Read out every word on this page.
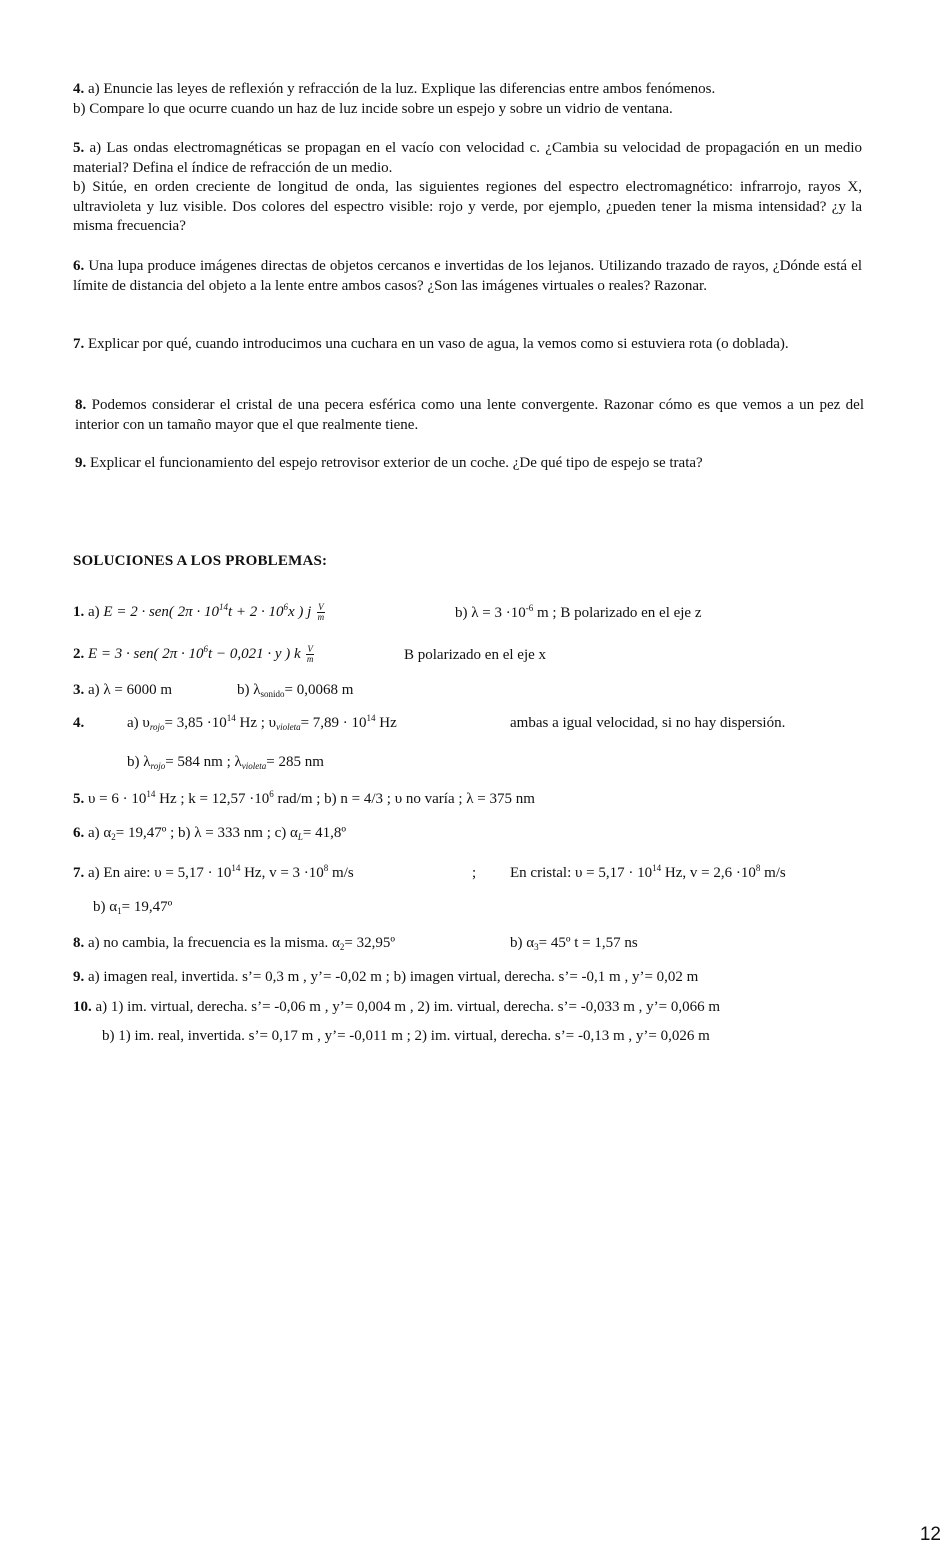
4. a) Enuncie las leyes de reflexión y refracción de la luz. Explique las diferencias entre ambos fenómenos.
b) Compare lo que ocurre cuando un haz de luz incide sobre un espejo y sobre un vidrio de ventana.

5. a) Las ondas electromagnéticas se propagan en el vacío con velocidad c. ¿Cambia su velocidad de propagación en un medio material? Defina el índice de refracción de un medio.
b) Sitúe, en orden creciente de longitud de onda, las siguientes regiones del espectro electromagnético: infrarrojo, rayos X, ultravioleta y luz visible. Dos colores del espectro visible: rojo y verde, por ejemplo, ¿pueden tener la misma intensidad? ¿y la misma frecuencia?

6. Una lupa produce imágenes directas de objetos cercanos e invertidas de los lejanos. Utilizando trazado de rayos, ¿Dónde está el límite de distancia del objeto a la lente entre ambos casos? ¿Son las imágenes virtuales o reales? Razonar.

7. Explicar por qué, cuando introducimos una cuchara en un vaso de agua, la vemos como si estuviera rota (o doblada).

8. Podemos considerar el cristal de una pecera esférica como una lente convergente. Razonar cómo es que vemos a un pez del interior con un tamaño mayor que el que realmente tiene.

9. Explicar el funcionamiento del espejo retrovisor exterior de un coche. ¿De qué tipo de espejo se trata?

SOLUCIONES A LOS PROBLEMAS:
1. a) E = 2 · sen( $2\pi \cdot 10^{14}t + 2 \cdot 10^6x$ ) j $\frac{V}{m}$	b) $\lambda = 3 \cdot 10^{-6}$ m ; B polarizado en el eje z
2. E = 3 · sen( $2\pi \cdot 10^6t - 0,021 \cdot y$ ) k $\frac{V}{m}$	B polarizado en el eje x
3. a) λ = 6000 m	b) $\lambda_{sonido}= 0,0068$ m
4.	a) $\upsilon_{rojo}= 3,85 \cdot 10^{14}$ Hz ; $\upsilon_{violeta}= 7,89 \cdot 10^{14}$ Hz	ambas a igual velocidad, si no hay dispersión.
b) $\lambda_{rojo}= 584$ nm ; $\lambda_{violeta}= 285$ nm
5. $\upsilon = 6 \cdot 10^{14}$ Hz ; $k = 12,57 \cdot 10^6$ rad/m ; b) n = 4/3 ; υ no varía ; λ = 375 nm
6. a) $\alpha_2=$ 19,47º ; b) λ = 333 nm ; c) $\alpha_L=$ 41,8º
7. a) En aire: $\upsilon = 5,17 \cdot 10^{14}$ Hz, $v = 3 \cdot 10^8$ m/s	; En cristal: $\upsilon = 5,17 \cdot 10^{14}$ Hz, $v = 2,6 \cdot 10^8$ m/s
b) $\alpha_1=$ 19,47º
8. a) no cambia, la frecuencia es la misma. $\alpha_2=$ 32,95º	b) $\alpha_3=$ 45º t = 1,57 ns
9. a) imagen real, invertida. s’= 0,3 m , y’= -0,02 m ; b) imagen virtual, derecha. s’= -0,1 m , y’= 0,02 m
10. a) 1) im. virtual, derecha. s’= -0,06 m , y’= 0,004 m , 2) im. virtual, derecha. s’= -0,033 m , y’= 0,066 m
b) 1) im. real, invertida. s’= 0,17 m , y’= -0,011 m ; 2) im. virtual, derecha. s’= -0,13 m , y’= 0,026 m
12
